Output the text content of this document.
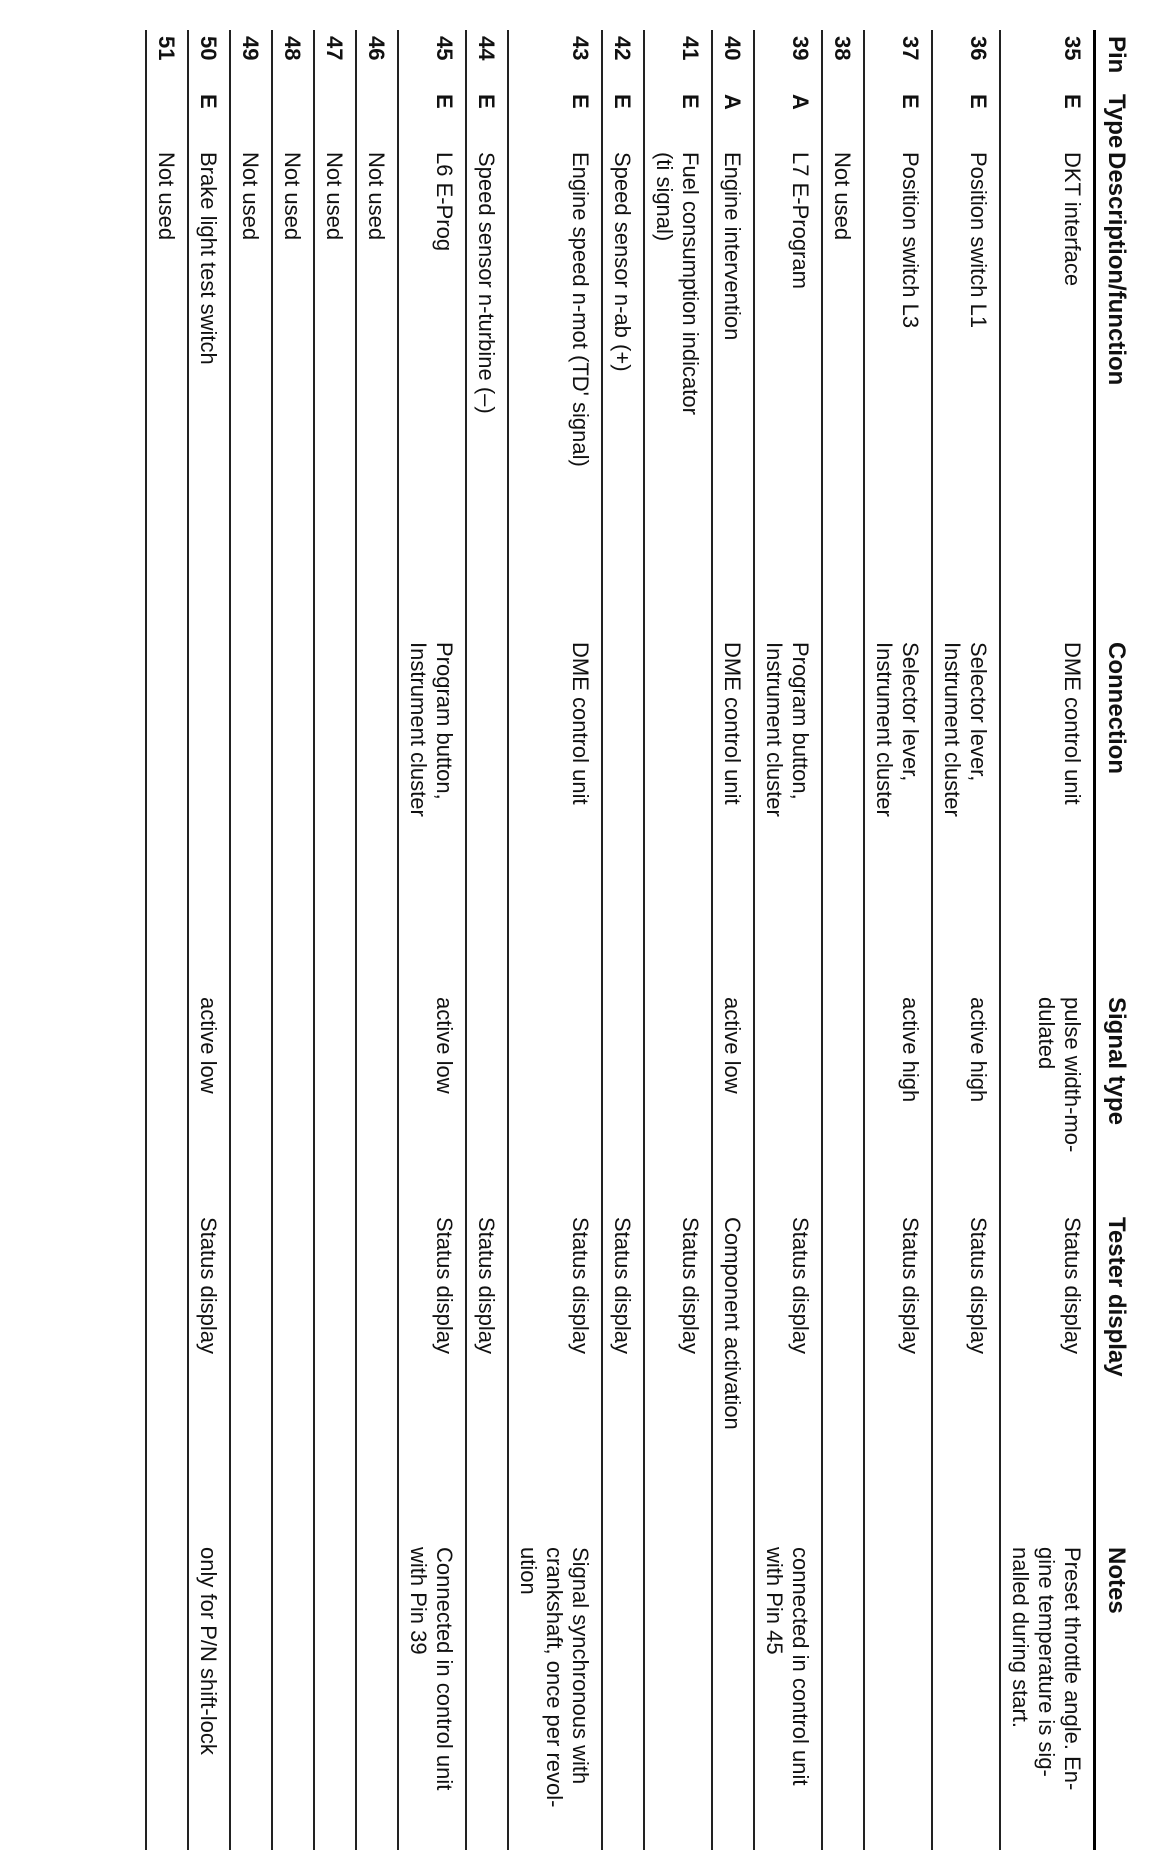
Pin	Type	Description/function	Connection	Signal type	Tester display	Notes
35	E	DKT interface	DME control unit	pulse width-mo-
dulated	Status display	Preset throttle angle. En-
gine temperature is sig-
nalled during start.

36	E	Position switch L1	Selector lever,
Instrument cluster	active high	Status display	

37	E	Position switch L3	Selector lever,
Instrument cluster	active high	Status display	

38		Not used				

39	A	L7 E-Program	Program button,
Instrument cluster		Status display	connected in control unit
with Pin 45

40	A	Engine intervention	DME control unit	active low	Component activation	

41	E	Fuel consumption indicator
(ti signal)			Status display	

42	E	Speed sensor n-ab (+)			Status display	

43	E	Engine speed n-mot (TD' signal)	DME control unit		Status display	Signal synchronous with
crankshaft, once per revol-
ution

44	E	Speed sensor n-turbine (–)			Status display	

45	E	L6 E-Prog	Program button,
Instrument cluster	active low	Status display	Connected in control unit
with Pin 39

46		Not used				

47		Not used				

48		Not used				

49		Not used				

50	E	Brake light test switch		active low	Status display	only for P/N shift-lock

51		Not used				
